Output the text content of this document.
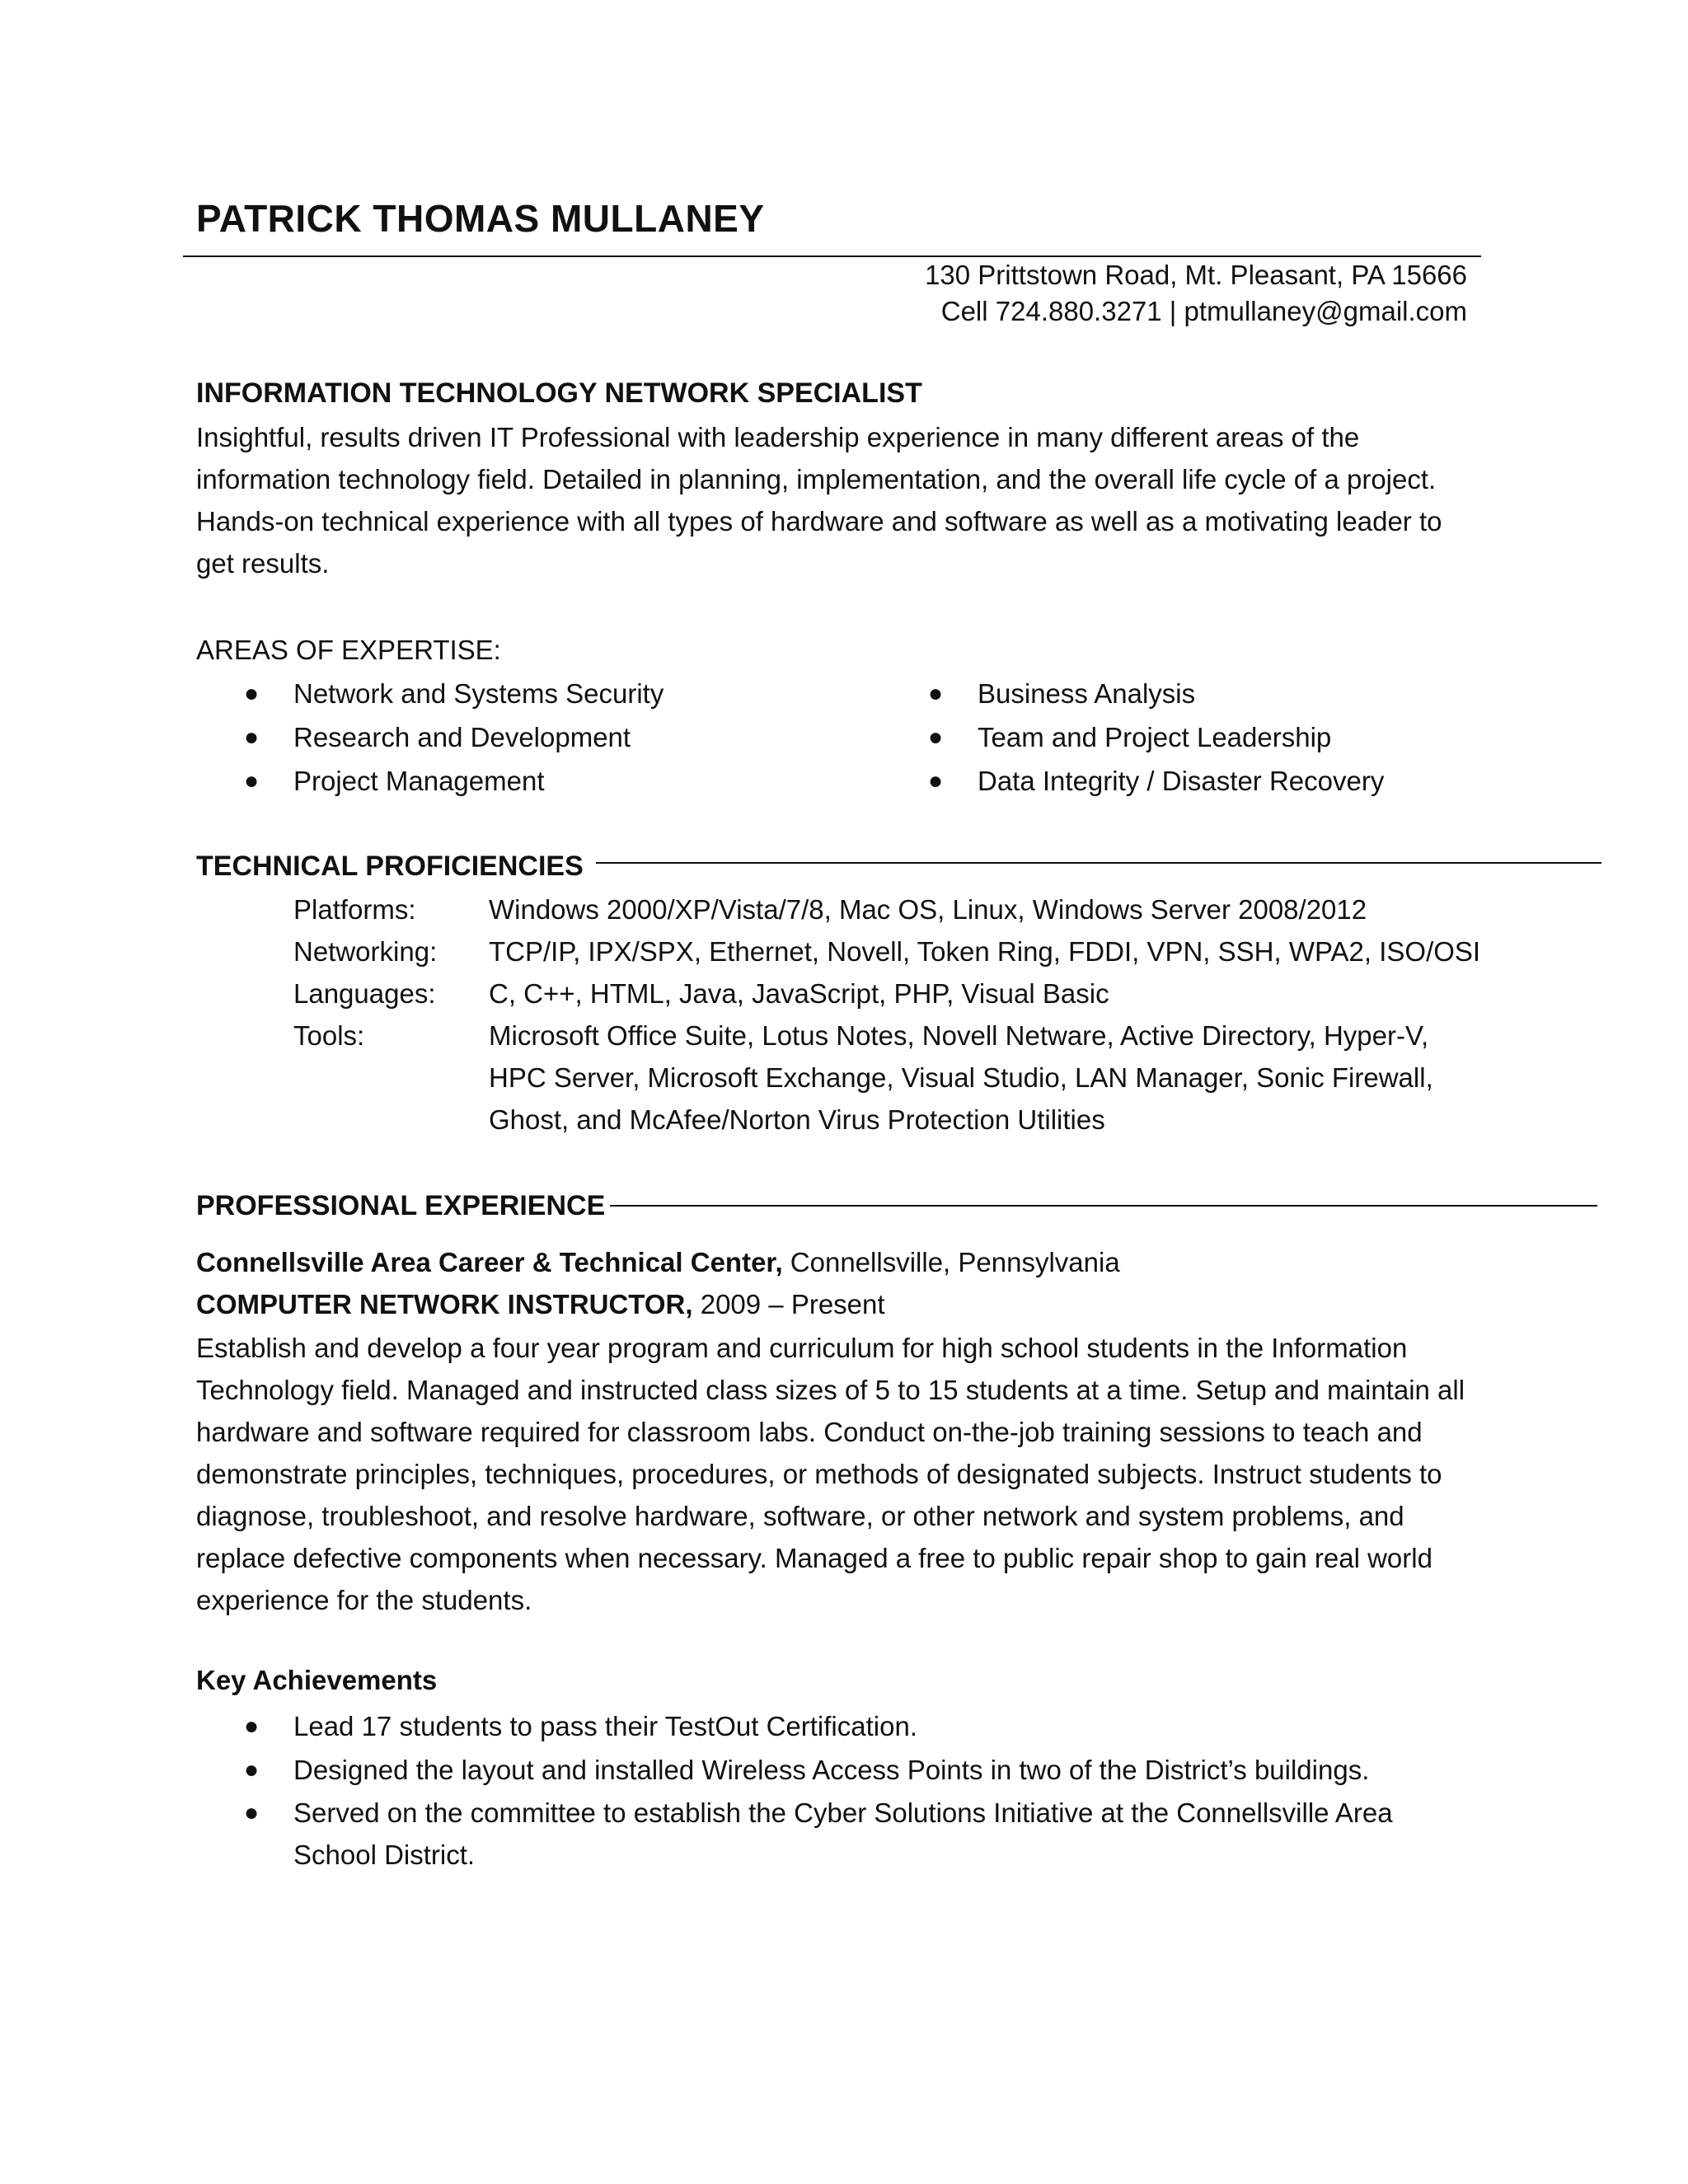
PATRICK THOMAS MULLANEY
130 Prittstown Road, Mt. Pleasant, PA 15666
Cell 724.880.3271 | ptmullaney@gmail.com
INFORMATION TECHNOLOGY NETWORK SPECIALIST
Insightful, results driven IT Professional with leadership experience in many different areas of the information technology field. Detailed in planning, implementation, and the overall life cycle of a project. Hands-on technical experience with all types of hardware and software as well as a motivating leader to get results.
AREAS OF EXPERTISE:
● Network and Systems Security
● Research and Development
● Project Management
● Business Analysis
● Team and Project Leadership
● Data Integrity / Disaster Recovery
TECHNICAL PROFICIENCIES
Platforms:	Windows 2000/XP/Vista/7/8, Mac OS, Linux, Windows Server 2008/2012
Networking:	TCP/IP, IPX/SPX, Ethernet, Novell, Token Ring, FDDI, VPN, SSH, WPA2, ISO/OSI
Languages:	C, C++, HTML, Java, JavaScript, PHP, Visual Basic
Tools:	Microsoft Office Suite, Lotus Notes, Novell Netware, Active Directory, Hyper-V, HPC Server, Microsoft Exchange, Visual Studio, LAN Manager, Sonic Firewall, Ghost, and McAfee/Norton Virus Protection Utilities
PROFESSIONAL EXPERIENCE
Connellsville Area Career & Technical Center, Connellsville, Pennsylvania
COMPUTER NETWORK INSTRUCTOR, 2009 – Present
Establish and develop a four year program and curriculum for high school students in the Information Technology field. Managed and instructed class sizes of 5 to 15 students at a time. Setup and maintain all hardware and software required for classroom labs. Conduct on-the-job training sessions to teach and demonstrate principles, techniques, procedures, or methods of designated subjects. Instruct students to diagnose, troubleshoot, and resolve hardware, software, or other network and system problems, and replace defective components when necessary. Managed a free to public repair shop to gain real world experience for the students.
Key Achievements
● Lead 17 students to pass their TestOut Certification.
● Designed the layout and installed Wireless Access Points in two of the District’s buildings.
● Served on the committee to establish the Cyber Solutions Initiative at the Connellsville Area School District.
